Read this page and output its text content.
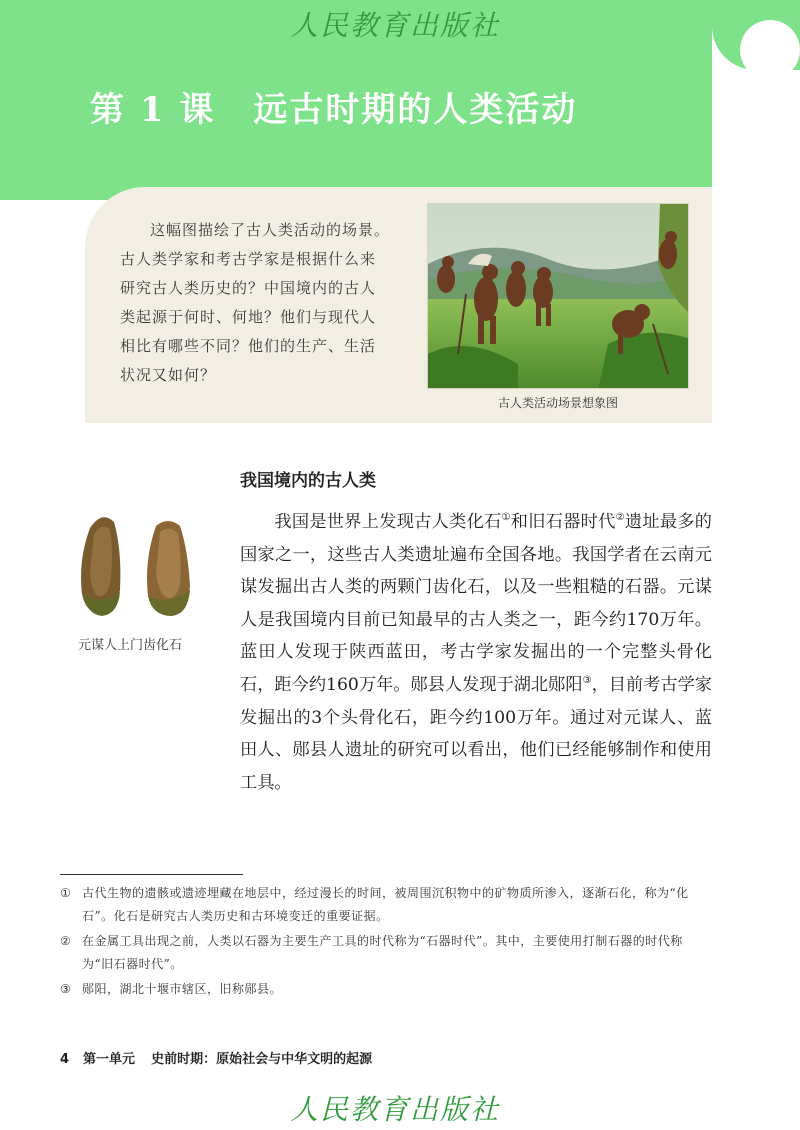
人民教育出版社
第 1 课 远古时期的人类活动
这幅图描绘了古人类活动的场景。
古人类学家和考古学家是根据什么来
研究古人类历史的？中国境内的古人
类起源于何时、何地？他们与现代人
相比有哪些不同？他们的生产、生活
状况又如何？
古人类活动场景想象图
我国境内的古人类
元谋人上门齿化石

我国是世界上发现古人类化石①和旧石器时代②遗址最多的国家之一，这些古人类遗址遍布全国各地。我国学者在云南元谋发掘出古人类的两颗门齿化石，以及一些粗糙的石器。元谋人是我国境内目前已知最早的古人类之一，距今约170万年。蓝田人发现于陕西蓝田，考古学家发掘出的一个完整头骨化石，距今约160万年。郧县人发现于湖北郧阳③，目前考古学家发掘出的3个头骨化石，距今约100万年。通过对元谋人、蓝田人、郧县人遗址的研究可以看出，他们已经能够制作和使用工具。

① 古代生物的遗骸或遗迹埋藏在地层中，经过漫长的时间，被周围沉积物中的矿物质所渗入，逐渐石化，称为“化石”。化石是研究古人类历史和古环境变迁的重要证据。
② 在金属工具出现之前，人类以石器为主要生产工具的时代称为“石器时代”。其中，主要使用打制石器的时代称为“旧石器时代”。
③ 郧阳，湖北十堰市辖区，旧称郧县。
4 第一单元 史前时期：原始社会与中华文明的起源
人民教育出版社
